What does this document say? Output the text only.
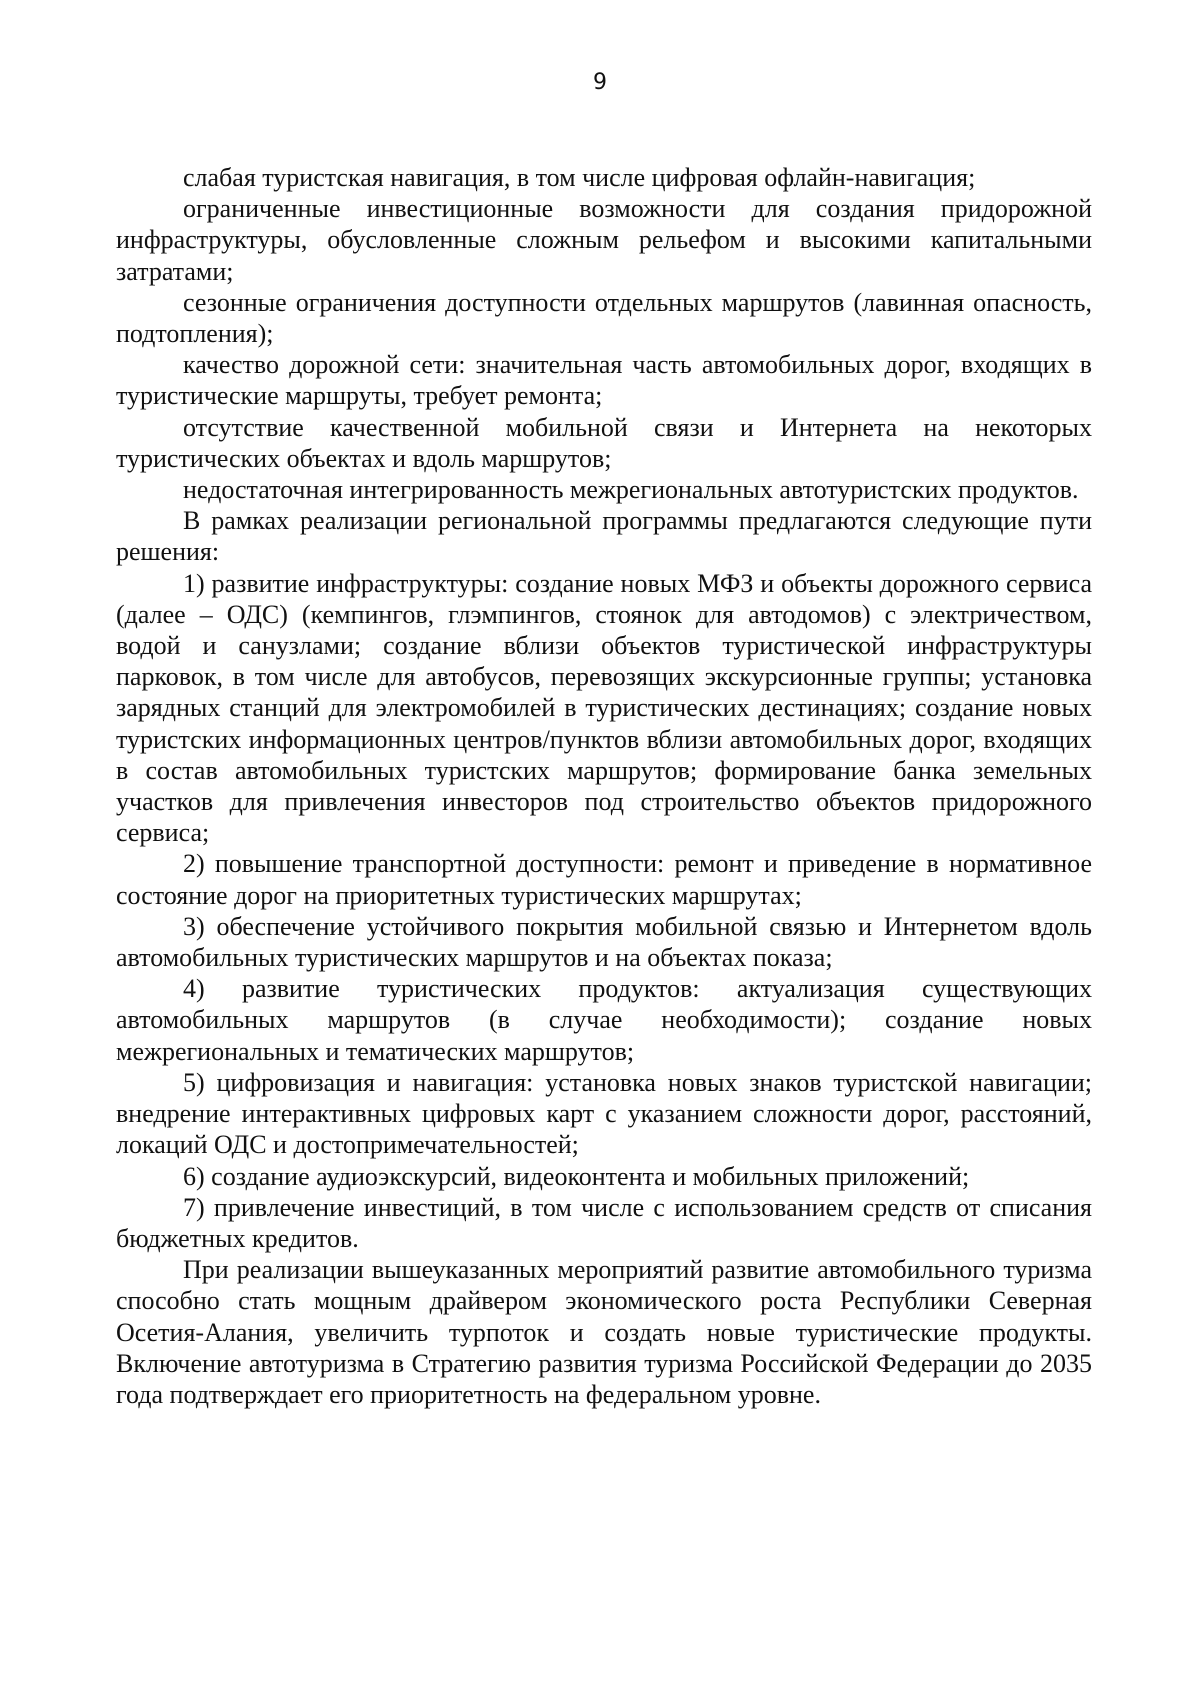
9

слабая туристская навигация, в том числе цифровая офлайн-навигация;

ограниченные инвестиционные возможности для создания придорожной инфраструктуры, обусловленные сложным рельефом и высокими капитальными затратами;

сезонные ограничения доступности отдельных маршрутов (лавинная опасность, подтопления);

качество дорожной сети: значительная часть автомобильных дорог, входящих в туристические маршруты, требует ремонта;

отсутствие качественной мобильной связи и Интернета на некоторых туристических объектах и вдоль маршрутов;

недостаточная интегрированность межрегиональных автотуристских продуктов.

В рамках реализации региональной программы предлагаются следующие пути решения:

1) развитие инфраструктуры: создание новых МФЗ и объекты дорожного сервиса (далее – ОДС) (кемпингов, глэмпингов, стоянок для автодомов) с электричеством, водой и санузлами; создание вблизи объектов туристической инфраструктуры парковок, в том числе для автобусов, перевозящих экскурсионные группы; установка зарядных станций для электромобилей в туристических дестинациях; создание новых туристских информационных центров/пунктов вблизи автомобильных дорог, входящих в состав автомобильных туристских маршрутов; формирование банка земельных участков для привлечения инвесторов под строительство объектов придорожного сервиса;

2) повышение транспортной доступности: ремонт и приведение в нормативное состояние дорог на приоритетных туристических маршрутах;

3) обеспечение устойчивого покрытия мобильной связью и Интернетом вдоль автомобильных туристических маршрутов и на объектах показа;

4) развитие туристических продуктов: актуализация существующих автомобильных маршрутов (в случае необходимости); создание новых межрегиональных и тематических маршрутов;

5) цифровизация и навигация: установка новых знаков туристской навигации; внедрение интерактивных цифровых карт с указанием сложности дорог, расстояний, локаций ОДС и достопримечательностей;

6) создание аудиоэкскурсий, видеоконтента и мобильных приложений;

7) привлечение инвестиций, в том числе с использованием средств от списания бюджетных кредитов.

При реализации вышеуказанных мероприятий развитие автомобильного туризма способно стать мощным драйвером экономического роста Республики Северная Осетия-Алания, увеличить турпоток и создать новые туристические продукты. Включение автотуризма в Стратегию развития туризма Российской Федерации до 2035 года подтверждает его приоритетность на федеральном уровне.
